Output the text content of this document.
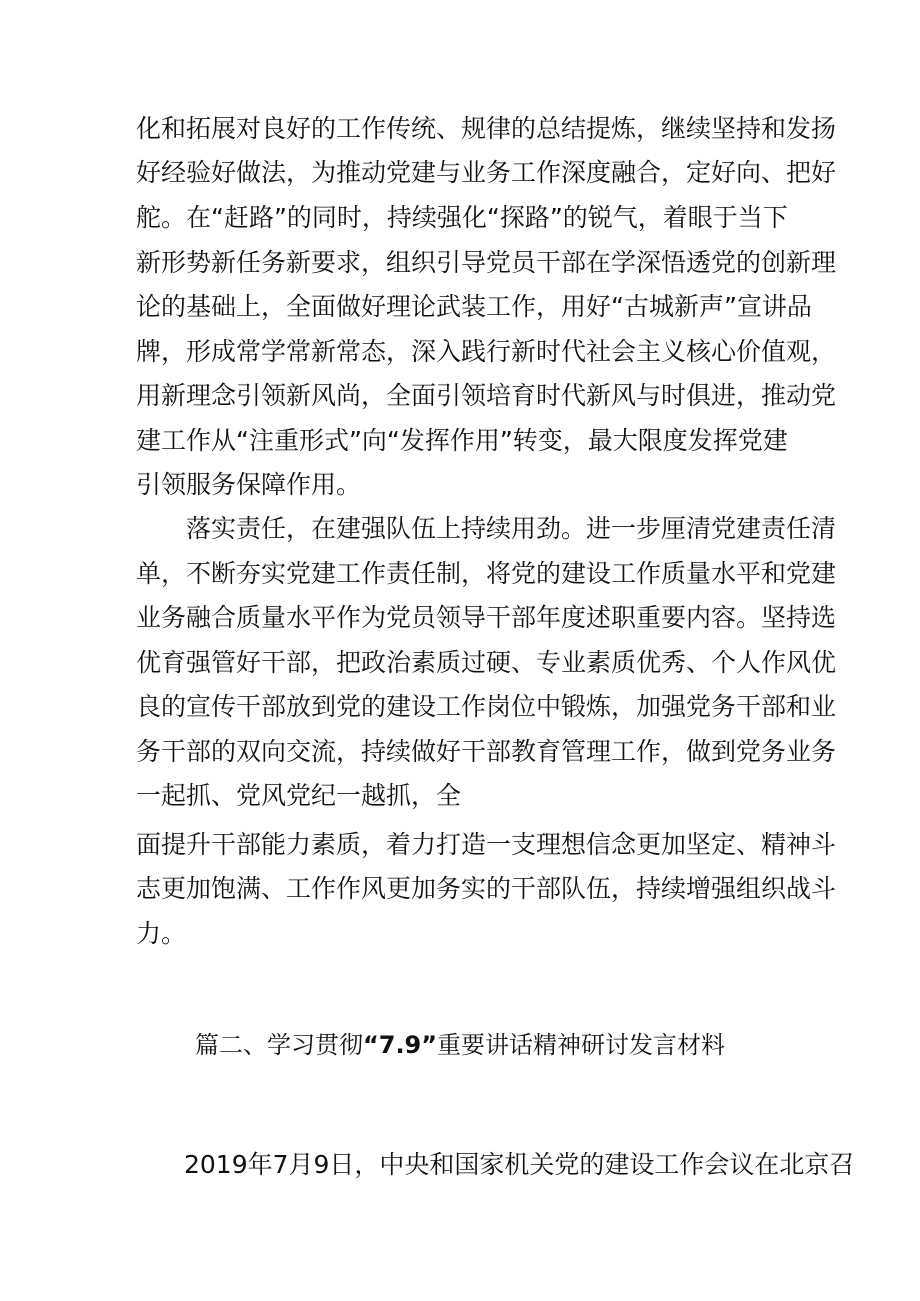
化和拓展对良好的工作传统、规律的总结提炼，继续坚持和发扬
好经验好做法，为推动党建与业务工作深度融合，定好向、把好
舵。在“赶路”的同时，持续强化“探路”的锐气，着眼于当下
新形势新任务新要求，组织引导党员干部在学深悟透党的创新理
论的基础上，全面做好理论武装工作，用好“古城新声”宣讲品
牌，形成常学常新常态，深入践行新时代社会主义核心价值观，
用新理念引领新风尚，全面引领培育时代新风与时俱进，推动党
建工作从“注重形式”向“发挥作用”转变，最大限度发挥党建
引领服务保障作用。
落实责任，在建强队伍上持续用劲。进一步厘清党建责任清
单，不断夯实党建工作责任制，将党的建设工作质量水平和党建
业务融合质量水平作为党员领导干部年度述职重要内容。坚持选
优育强管好干部，把政治素质过硬、专业素质优秀、个人作风优
良的宣传干部放到党的建设工作岗位中锻炼，加强党务干部和业
务干部的双向交流，持续做好干部教育管理工作，做到党务业务
一起抓、党风党纪一越抓，全
面提升干部能力素质，着力打造一支理想信念更加坚定、精神斗
志更加饱满、工作作风更加务实的干部队伍，持续增强组织战斗
力。
篇二、学习贯彻“7.9”重要讲话精神研讨发言材料
2019年7月9日，中央和国家机关党的建设工作会议在北京召
